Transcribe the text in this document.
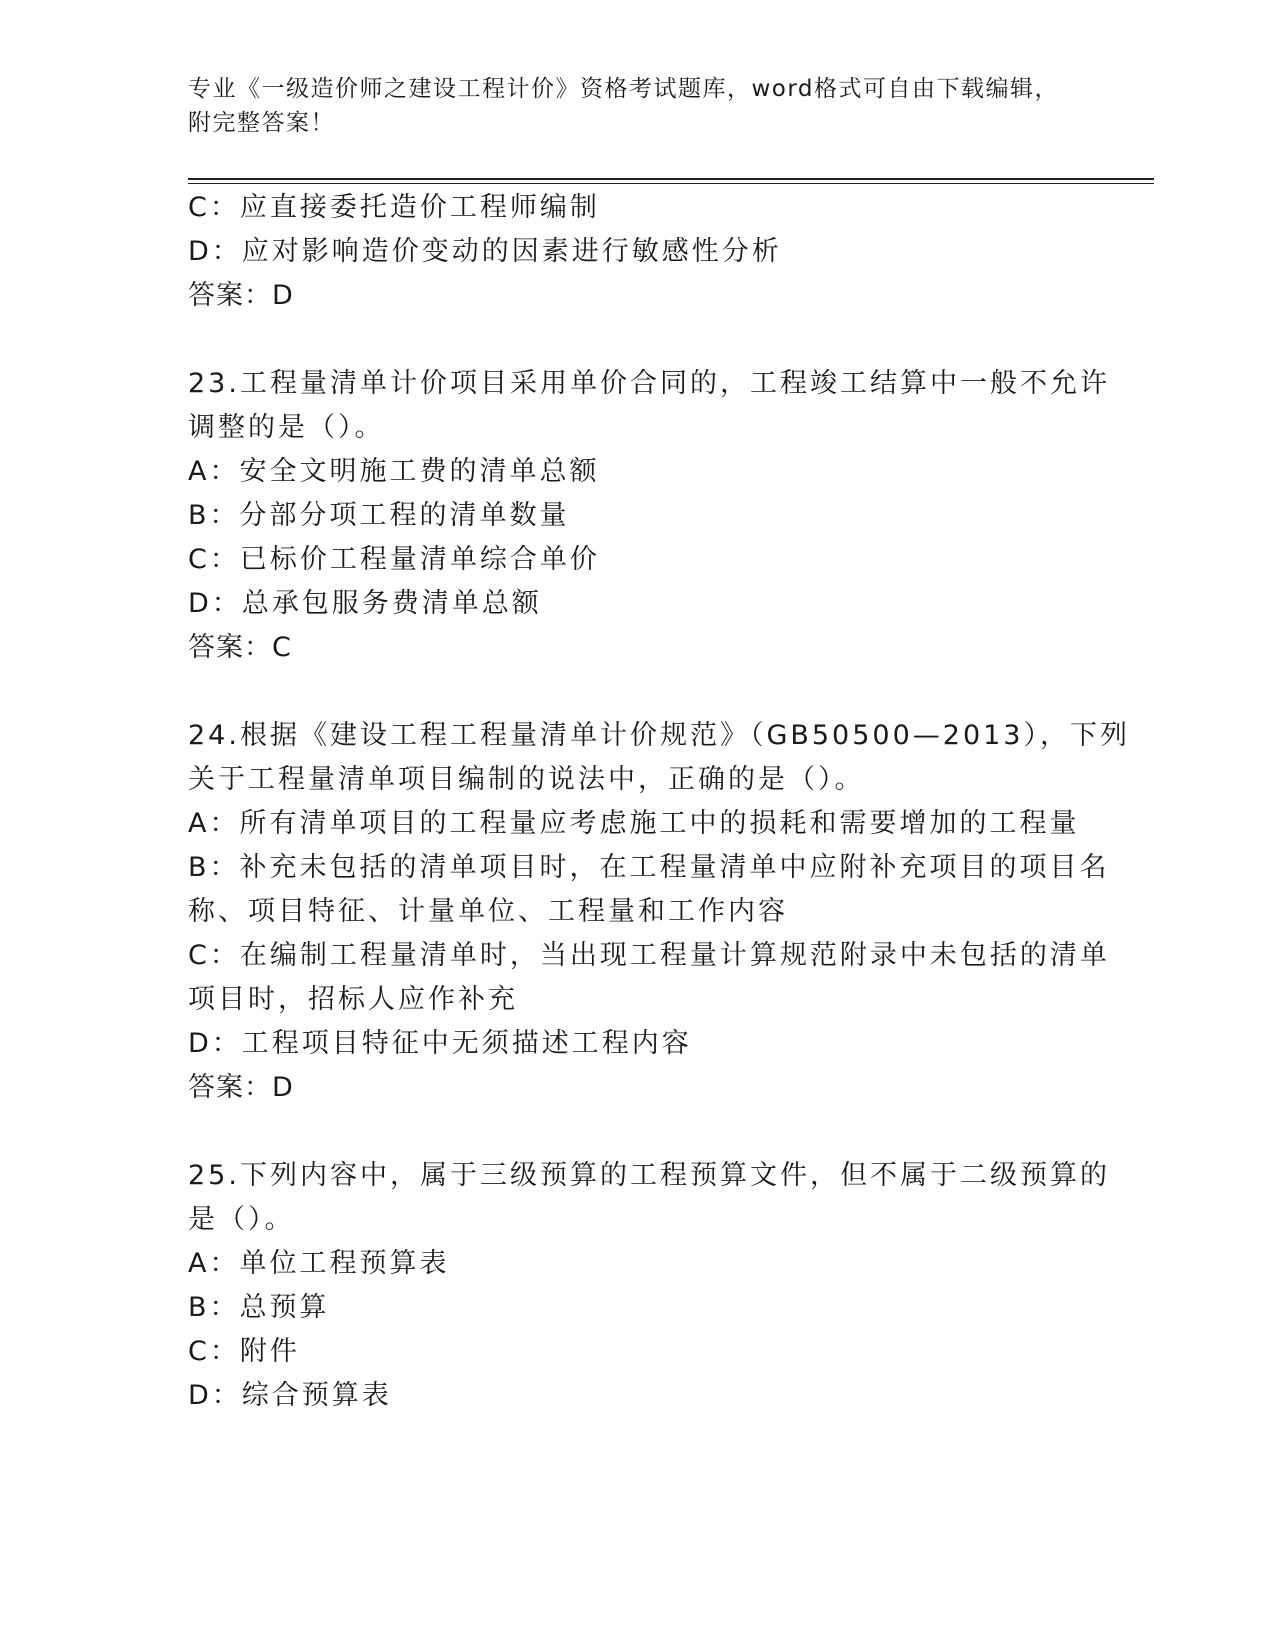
专业《一级造价师之建设工程计价》资格考试题库，word格式可自由下载编辑，
附完整答案！
C：应直接委托造价工程师编制
D：应对影响造价变动的因素进行敏感性分析
答案：D
23.工程量清单计价项目采用单价合同的，工程竣工结算中一般不允许
调整的是（）。
A：安全文明施工费的清单总额
B：分部分项工程的清单数量
C：已标价工程量清单综合单价
D：总承包服务费清单总额
答案：C
24.根据《建设工程工程量清单计价规范》（GB50500—2013），下列
关于工程量清单项目编制的说法中，正确的是（）。
A：所有清单项目的工程量应考虑施工中的损耗和需要增加的工程量
B：补充未包括的清单项目时，在工程量清单中应附补充项目的项目名
称、项目特征、计量单位、工程量和工作内容
C：在编制工程量清单时，当出现工程量计算规范附录中未包括的清单
项目时，招标人应作补充
D：工程项目特征中无须描述工程内容
答案：D
25.下列内容中，属于三级预算的工程预算文件，但不属于二级预算的
是（）。
A：单位工程预算表
B：总预算
C：附件
D：综合预算表
